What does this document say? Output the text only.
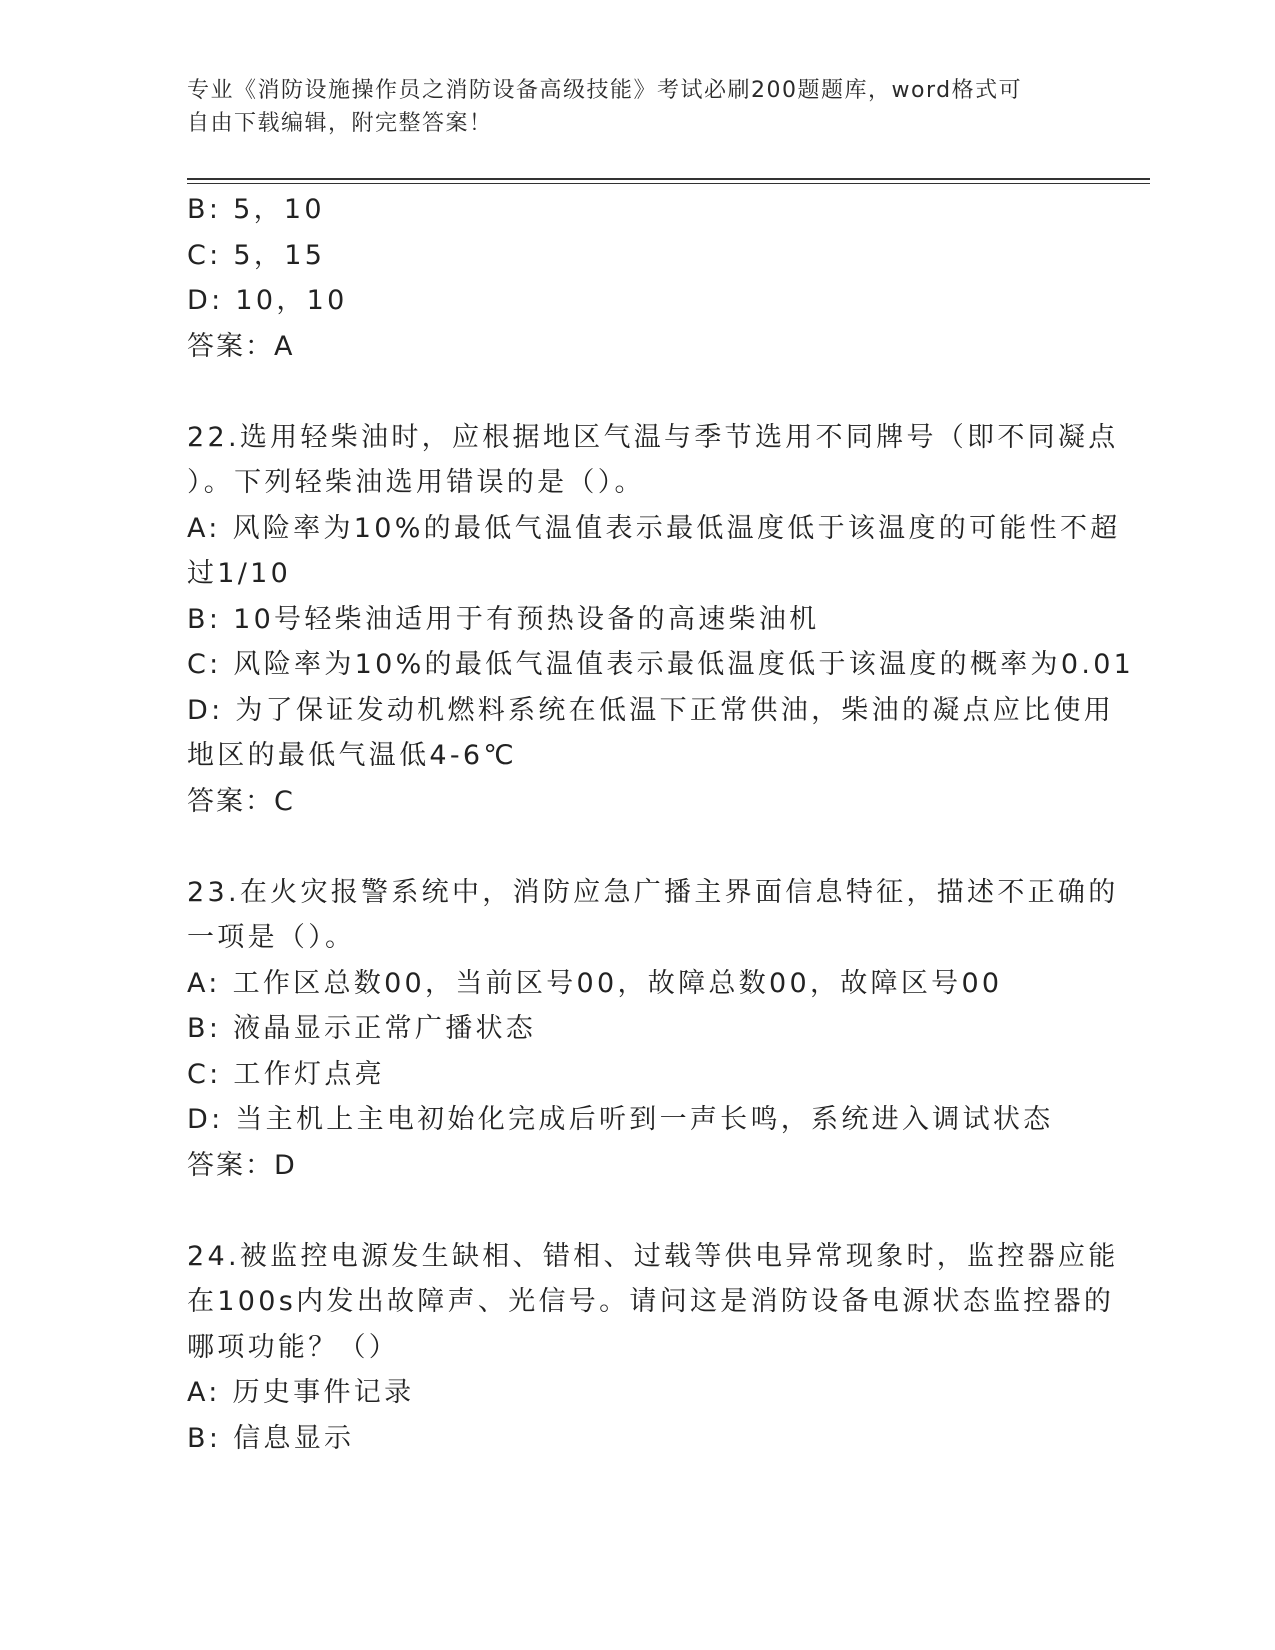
专业《消防设施操作员之消防设备高级技能》考试必刷200题题库，word格式可
自由下载编辑，附完整答案！
B: 5，10
C: 5，15
D: 10，10
答案：A
22.选用轻柴油时，应根据地区气温与季节选用不同牌号（即不同凝点
）。下列轻柴油选用错误的是（）。
A: 风险率为10%的最低气温值表示最低温度低于该温度的可能性不超
过1/10
B: 10号轻柴油适用于有预热设备的高速柴油机
C: 风险率为10%的最低气温值表示最低温度低于该温度的概率为0.01
D: 为了保证发动机燃料系统在低温下正常供油，柴油的凝点应比使用
地区的最低气温低4-6℃
答案：C
23.在火灾报警系统中，消防应急广播主界面信息特征，描述不正确的
一项是（）。
A: 工作区总数00，当前区号00，故障总数00，故障区号00
B: 液晶显示正常广播状态
C: 工作灯点亮
D: 当主机上主电初始化完成后听到一声长鸣，系统进入调试状态
答案：D
24.被监控电源发生缺相、错相、过载等供电异常现象时，监控器应能
在100s内发出故障声、光信号。请问这是消防设备电源状态监控器的
哪项功能？（）
A: 历史事件记录
B: 信息显示
